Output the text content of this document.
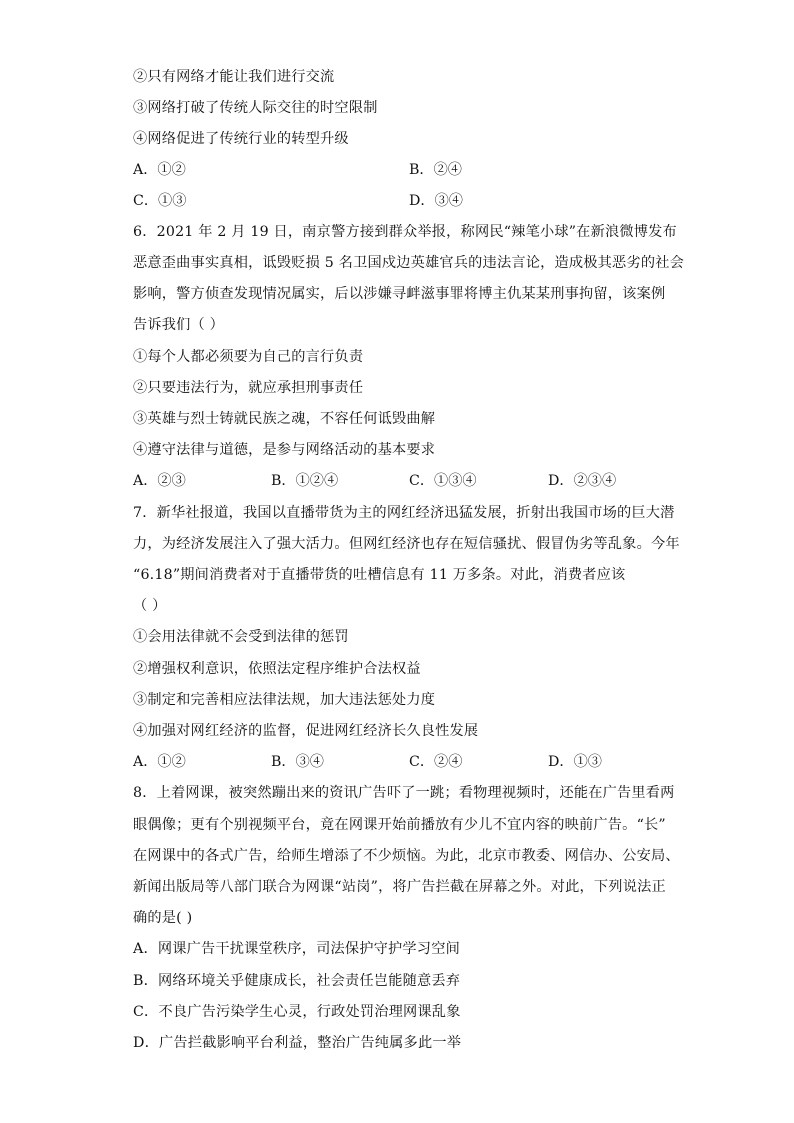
②只有网络才能让我们进行交流
③网络打破了传统人际交往的时空限制
④网络促进了传统行业的转型升级
A．①②	B．②④
C．①③	D．③④
6．2021 年 2 月 19 日，南京警方接到群众举报，称网民“辣笔小球”在新浪微博发布
恶意歪曲事实真相，诋毁贬损 5 名卫国戍边英雄官兵的违法言论，造成极其恶劣的社会
影响，警方侦查发现情况属实，后以涉嫌寻衅滋事罪将博主仇某某刑事拘留，该案例
告诉我们（ ）
①每个人都必须要为自己的言行负责
②只要违法行为，就应承担刑事责任
③英雄与烈士铸就民族之魂，不容任何诋毁曲解
④遵守法律与道德，是参与网络活动的基本要求
A．②③	B．①②④	C．①③④	D．②③④
7．新华社报道，我国以直播带货为主的网红经济迅猛发展，折射出我国市场的巨大潜
力，为经济发展注入了强大活力。但网红经济也存在短信骚扰、假冒伪劣等乱象。今年
“6.18”期间消费者对于直播带货的吐槽信息有 11 万多条。对此，消费者应该
（ ）
①会用法律就不会受到法律的惩罚
②增强权利意识，依照法定程序维护合法权益
③制定和完善相应法律法规，加大违法惩处力度
④加强对网红经济的监督，促进网红经济长久良性发展
A．①②	B．③④	C．②④	D．①③
8．上着网课，被突然蹦出来的资讯广告吓了一跳；看物理视频时，还能在广告里看两
眼偶像；更有个别视频平台，竟在网课开始前播放有少儿不宜内容的映前广告。“长”
在网课中的各式广告，给师生增添了不少烦恼。为此，北京市教委、网信办、公安局、
新闻出版局等八部门联合为网课“站岗”，将广告拦截在屏幕之外。对此，下列说法正
确的是( )
A．网课广告干扰课堂秩序，司法保护守护学习空间
B．网络环境关乎健康成长，社会责任岂能随意丢弃
C．不良广告污染学生心灵，行政处罚治理网课乱象
D．广告拦截影响平台利益，整治广告纯属多此一举
